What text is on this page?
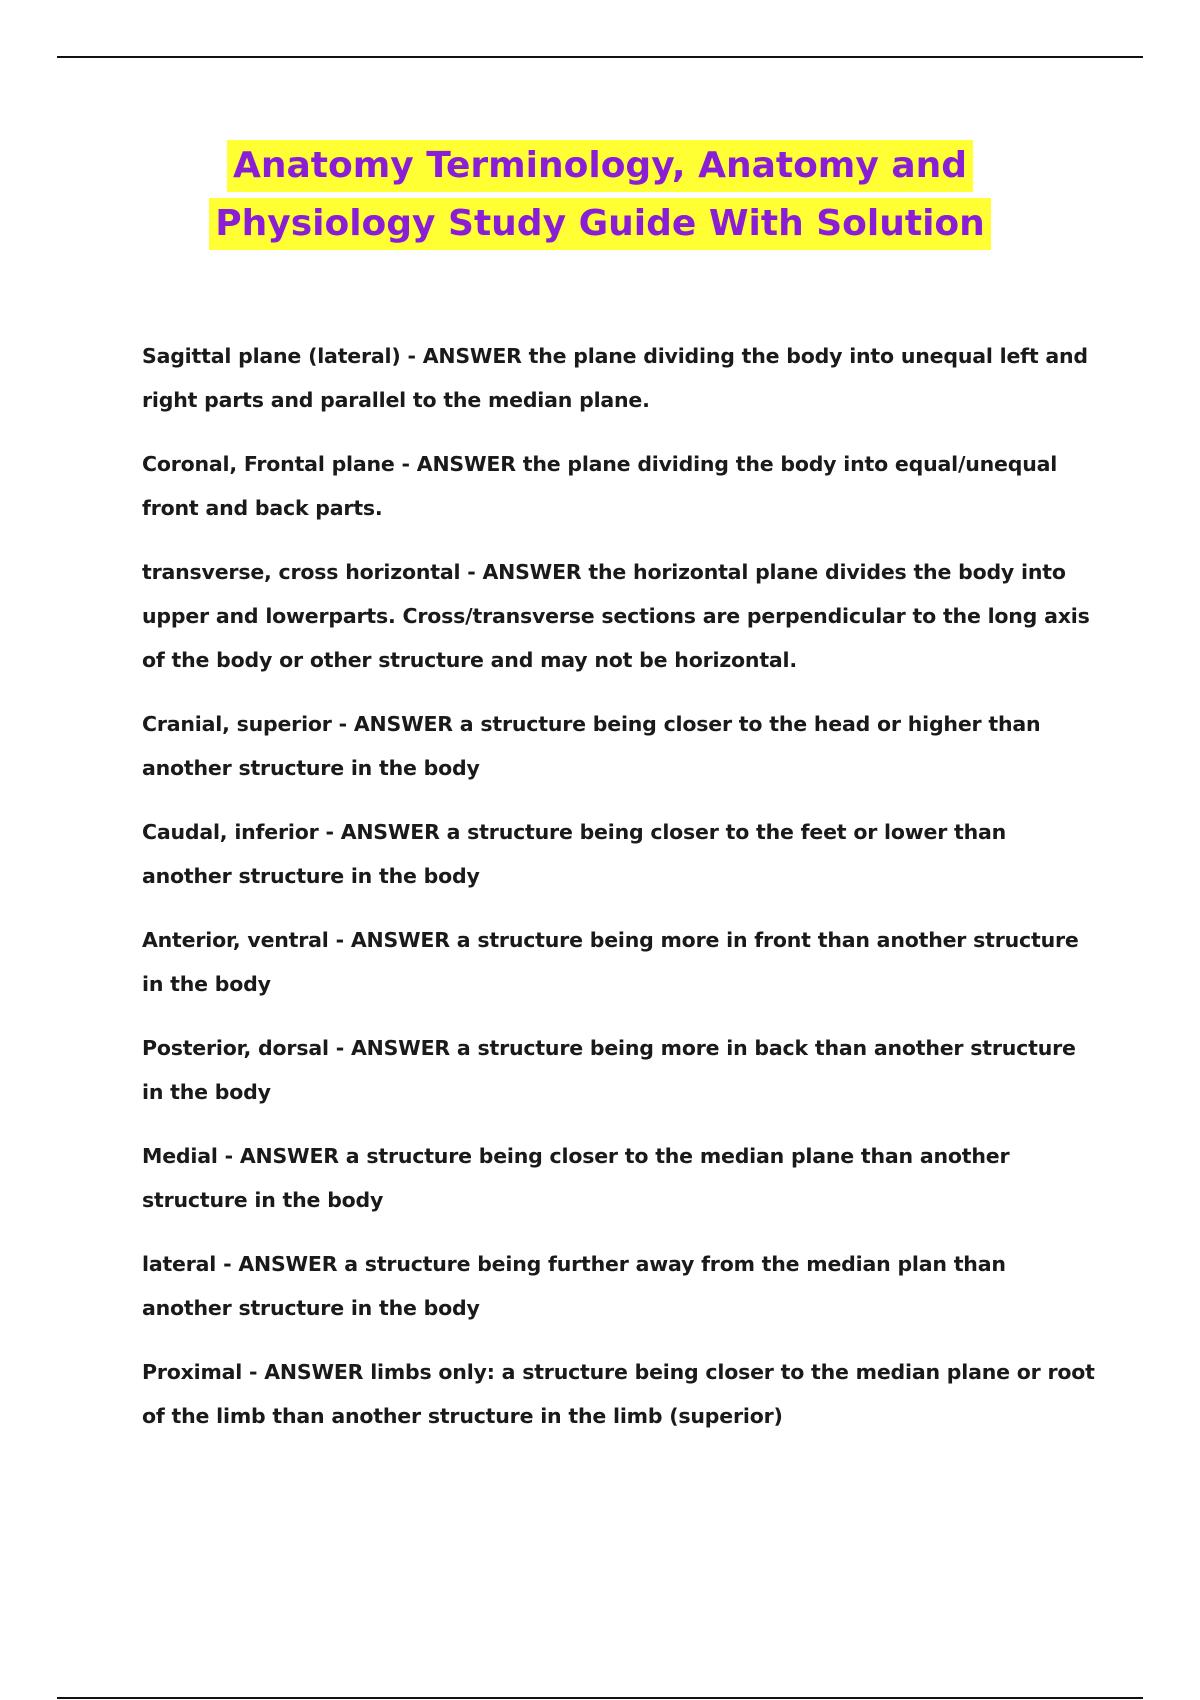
Anatomy Terminology, Anatomy and
Physiology Study Guide With Solution
Sagittal plane (lateral) - ANSWER the plane dividing the body into unequal left and right parts and parallel to the median plane.
Coronal, Frontal plane - ANSWER the plane dividing the body into equal/unequal front and back parts.
transverse, cross horizontal - ANSWER the horizontal plane divides the body into upper and lowerparts. Cross/transverse sections are perpendicular to the long axis of the body or other structure and may not be horizontal.
Cranial, superior - ANSWER a structure being closer to the head or higher than another structure in the body
Caudal, inferior - ANSWER a structure being closer to the feet or lower than another structure in the body
Anterior, ventral - ANSWER a structure being more in front than another structure in the body
Posterior, dorsal - ANSWER a structure being more in back than another structure in the body
Medial - ANSWER a structure being closer to the median plane than another structure in the body
lateral - ANSWER a structure being further away from the median plan than another structure in the body
Proximal - ANSWER limbs only: a structure being closer to the median plane or root of the limb than another structure in the limb (superior)
